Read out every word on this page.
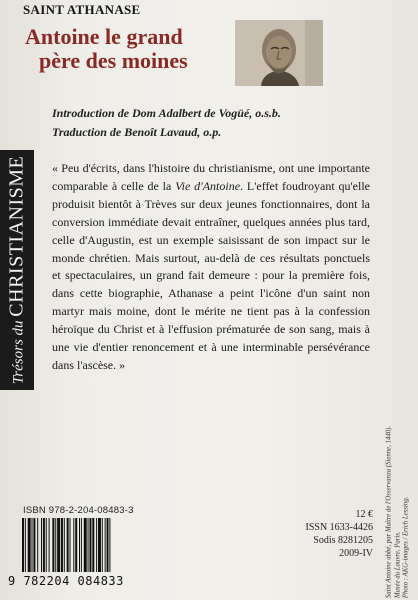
SAINT ATHANASE
Antoine le grand
père des moines
Introduction de Dom Adalbert de Vogüé, o.s.b.
Traduction de Benoît Lavaud, o.p.
Trésors du CHRISTIANISME « Peu d'écrits, dans l'histoire du christianisme, ont une importante comparable à celle de la Vie d'Antoine. L'effet foudroyant qu'elle produisit bientôt à Trèves sur deux jeunes fonctionnaires, dont la conversion immédiate devait entraîner, quelques années plus tard, celle d'Augustin, est un exemple saisissant de son impact sur le monde chrétien. Mais surtout, au-delà de ces résultats ponctuels et spectaculaires, un grand fait demeure : pour la première fois, dans cette biographie, Athanase a peint l'icône d'un saint non martyr mais moine, dont le mérite ne tient pas à la confession héroïque du Christ et à l'effusion prématurée de son sang, mais à une vie d'entier renoncement et à une interminable persévérance dans l'ascèse. »

ISBN 978-2-204-08483-3
9 782204 084833
12 €
ISSN 1633-4426
Sodis 8281205
2009-IV Saint Antoine abbé, par Maître de l'Osservanza (Sienne, 1440). Musée du Louvre, Paris. Photo : AKG-images / Erich Lessing.
